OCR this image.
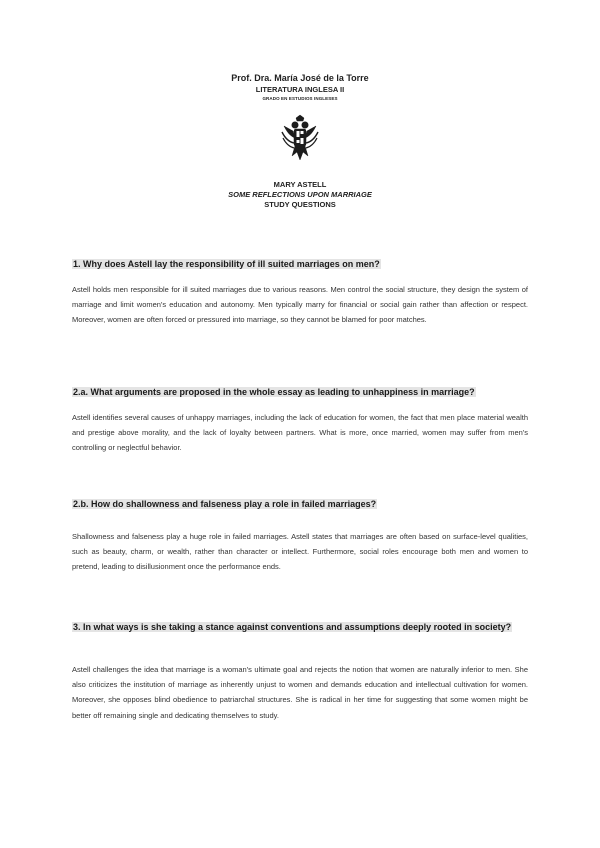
Prof. Dra. María José de la Torre
LITERATURA INGLESA II
GRADO EN ESTUDIOS INGLESES
MARY ASTELL
SOME REFLECTIONS UPON MARRIAGE
STUDY QUESTIONS
1. Why does Astell lay the responsibility of ill suited marriages on men?
Astell holds men responsible for ill suited marriages due to various reasons. Men control the social structure, they design the system of marriage and limit women's education and autonomy. Men typically marry for financial or social gain rather than affection or respect. Moreover, women are often forced or pressured into marriage, so they cannot be blamed for poor matches.
2.a. What arguments are proposed in the whole essay as leading to unhappiness in marriage?
Astell identifies several causes of unhappy marriages, including the lack of education for women, the fact that men place material wealth and prestige above morality, and the lack of loyalty between partners. What is more, once married, women may suffer from men's controlling or neglectful behavior.
2.b. How do shallowness and falseness play a role in failed marriages?
Shallowness and falseness play a huge role in failed marriages. Astell states that marriages are often based on surface-level qualities, such as beauty, charm, or wealth, rather than character or intellect. Furthermore, social roles encourage both men and women to pretend, leading to disillusionment once the performance ends.
3. In what ways is she taking a stance against conventions and assumptions deeply rooted in society?
Astell challenges the idea that marriage is a woman's ultimate goal and rejects the notion that women are naturally inferior to men. She also criticizes the institution of marriage as inherently unjust to women and demands education and intellectual cultivation for women. Moreover, she opposes blind obedience to patriarchal structures. She is radical in her time for suggesting that some women might be better off remaining single and dedicating themselves to study.
